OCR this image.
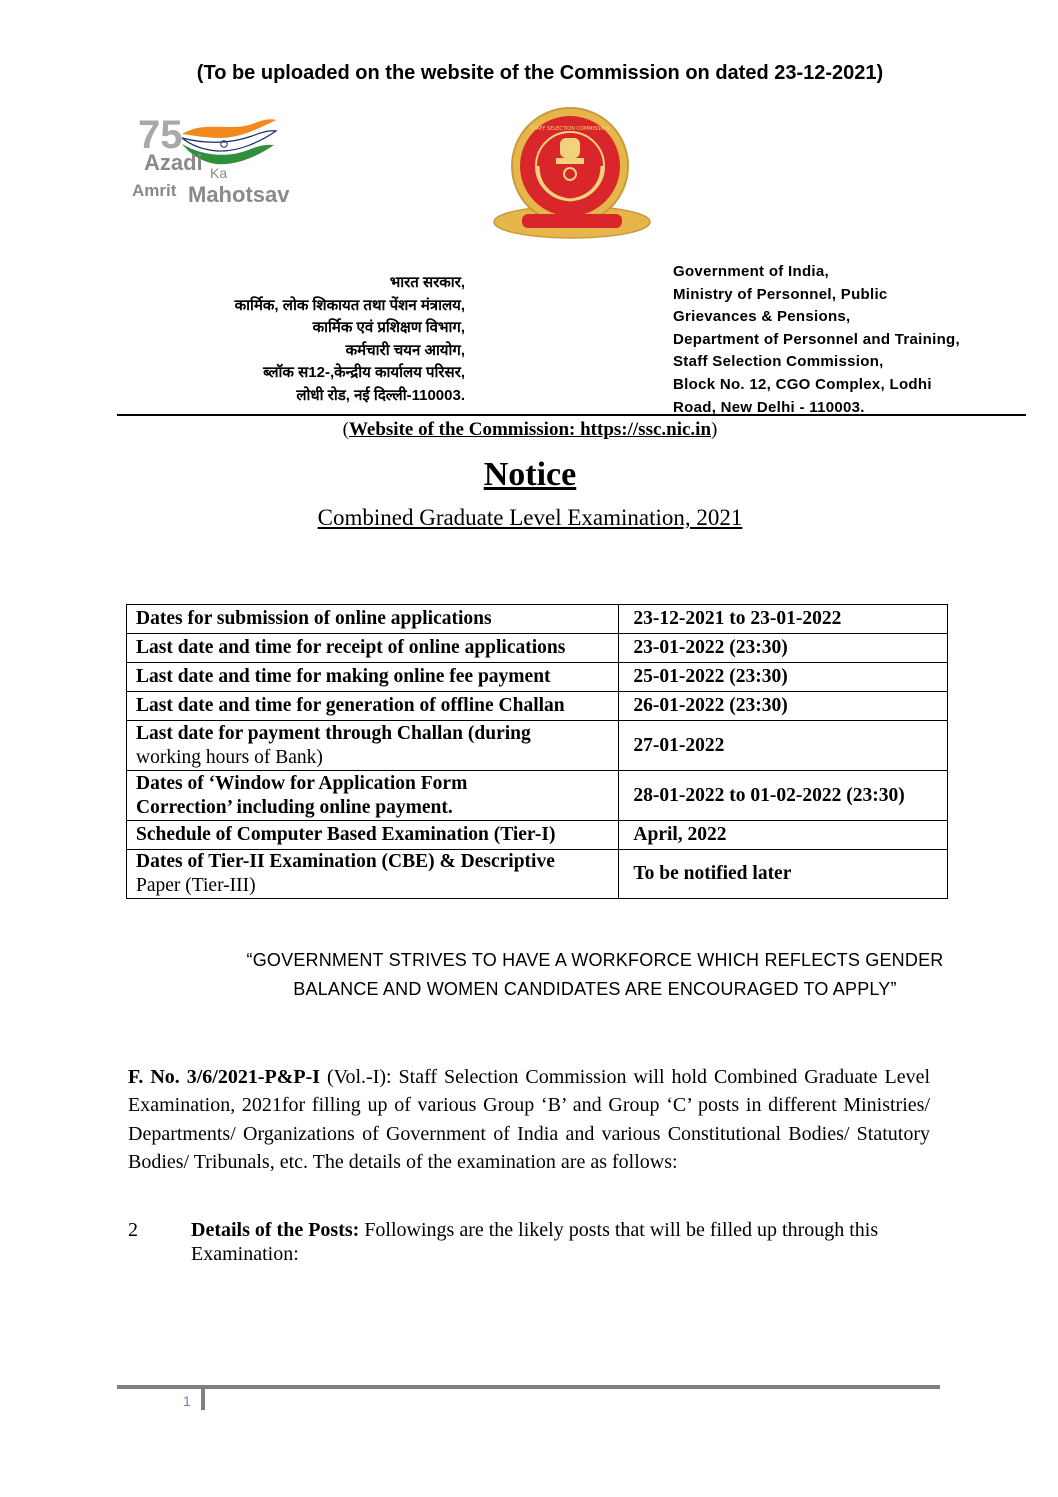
(To be uploaded on the website of the Commission on dated 23-12-2021)
75
Azadi Ka
Amrit Mahotsav
STAFF SELECTION COMMISSION
भारत सरकार,
कार्मिक, लोक शिकायत तथा पेंशन मंत्रालय,
कार्मिक एवं प्रशिक्षण विभाग,
कर्मचारी चयन आयोग,
ब्लॉक स12-,केन्द्रीय कार्यालय परिसर,
लोधी रोड, नई दिल्ली-110003.
Government of India,
Ministry of Personnel, Public
Grievances & Pensions,
Department of Personnel and Training,
Staff Selection Commission,
Block No. 12, CGO Complex, Lodhi
Road, New Delhi - 110003.
(Website of the Commission: https://ssc.nic.in)
Notice
Combined Graduate Level Examination, 2021
Dates for submission of online applications	23-12-2021 to 23-01-2022
Last date and time for receipt of online applications	23-01-2022 (23:30)
Last date and time for making online fee payment	25-01-2022 (23:30)
Last date and time for generation of offline Challan	26-01-2022 (23:30)

Last date for payment through Challan (during
working hours of Bank)	27-01-2022

Dates of ‘Window for Application Form
Correction’ including online payment.	28-01-2022 to 01-02-2022 (23:30)
Schedule of Computer Based Examination (Tier-I)	April, 2022

Dates of Tier-II Examination (CBE) & Descriptive
Paper (Tier-III)	To be notified later
“GOVERNMENT STRIVES TO HAVE A WORKFORCE WHICH REFLECTS GENDER
BALANCE AND WOMEN CANDIDATES ARE ENCOURAGED TO APPLY”
F. No. 3/6/2021-P&P-I (Vol.-I): Staff Selection Commission will hold Combined Graduate Level Examination, 2021for filling up of various Group ‘B’ and Group ‘C’ posts in different Ministries/ Departments/ Organizations of Government of India and various Constitutional Bodies/ Statutory Bodies/ Tribunals, etc. The details of the examination are as follows:
2	Details of the Posts: Followings are the likely posts that will be filled up through this Examination:
1
